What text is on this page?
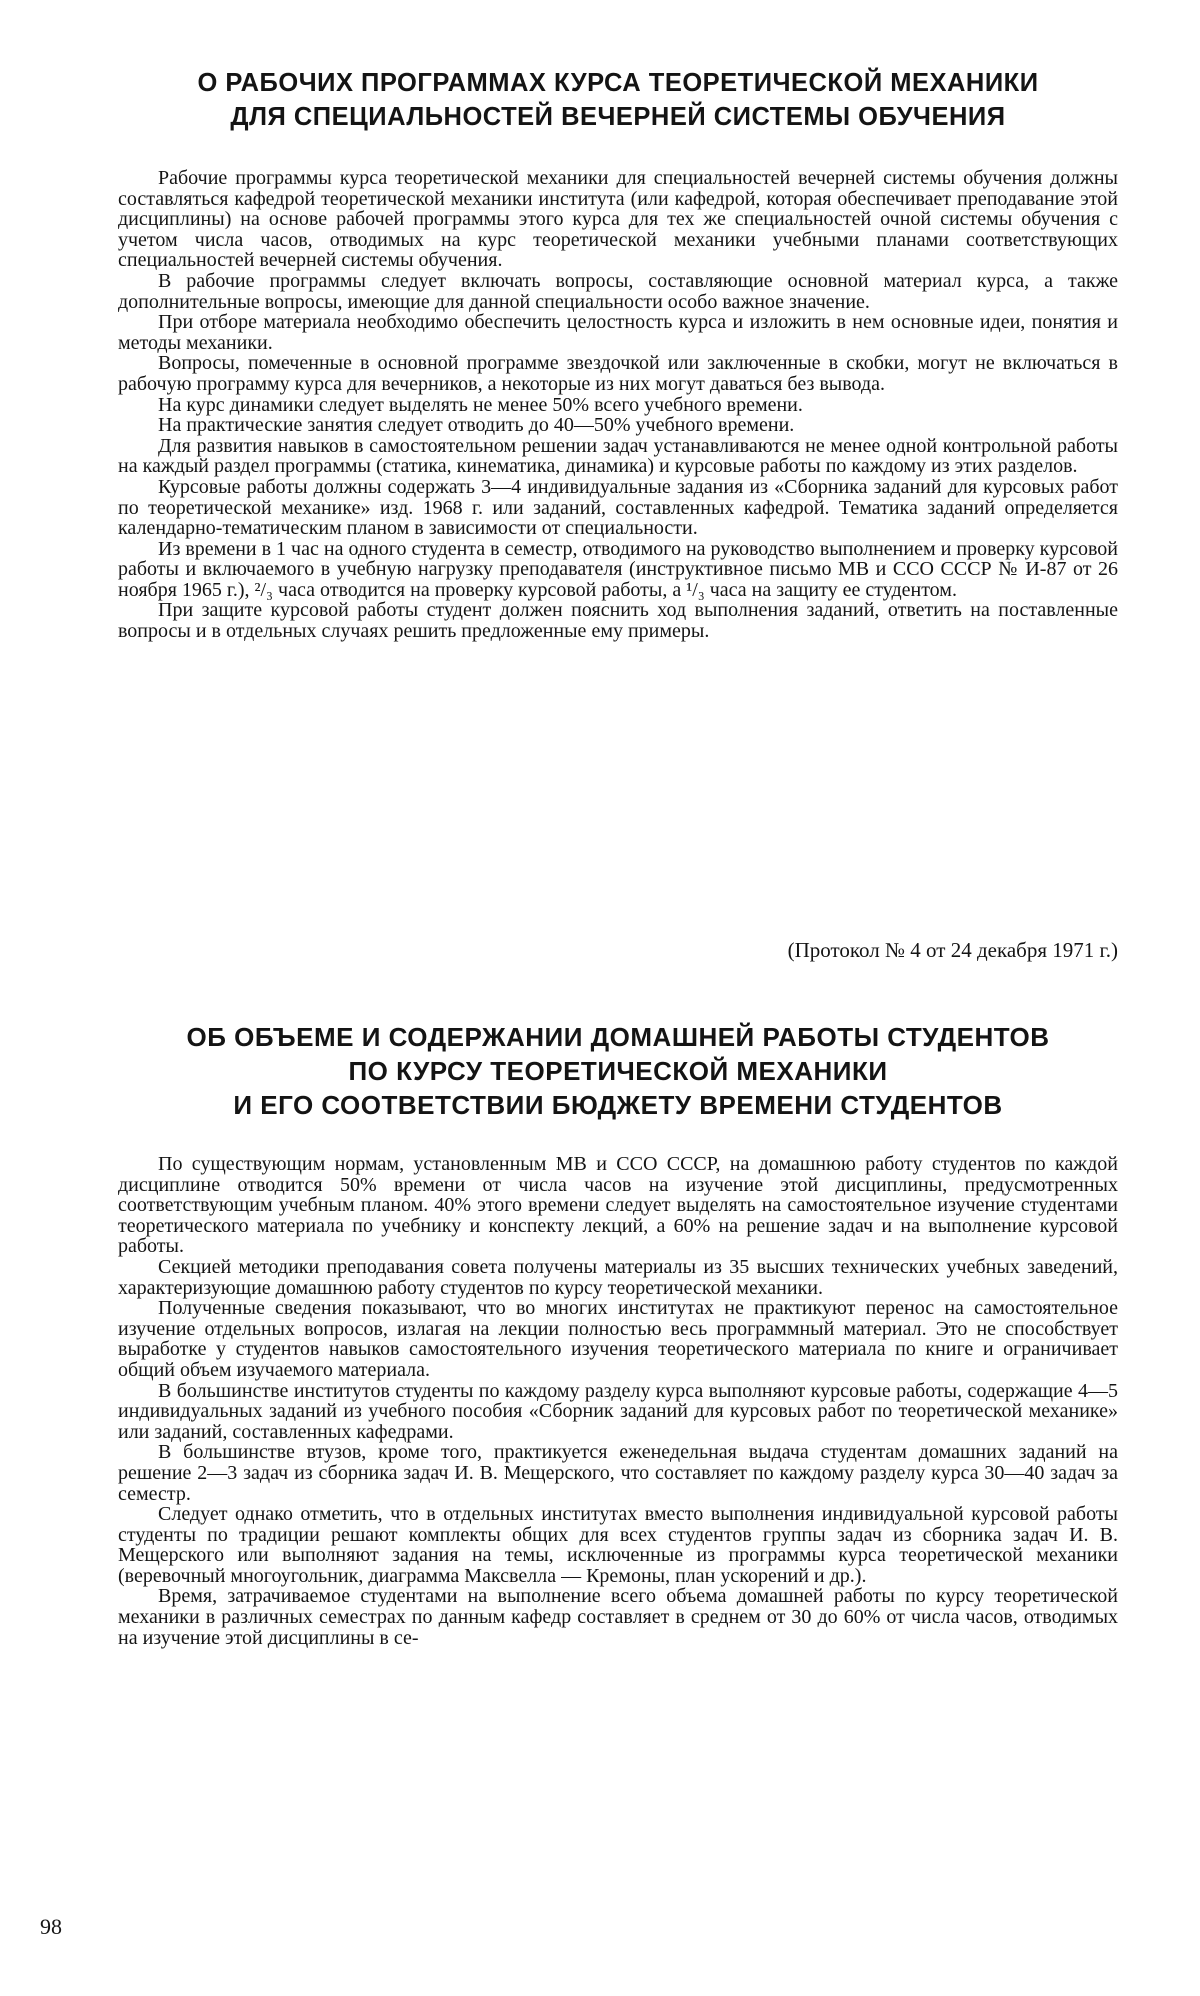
О РАБОЧИХ ПРОГРАММАХ КУРСА ТЕОРЕТИЧЕСКОЙ МЕХАНИКИ
ДЛЯ СПЕЦИАЛЬНОСТЕЙ ВЕЧЕРНЕЙ СИСТЕМЫ ОБУЧЕНИЯ

Рабочие программы курса теоретической механики для специальностей вечерней системы обучения должны составляться кафедрой теоретической механики института (или кафедрой, которая обеспечивает преподавание этой дисциплины) на основе рабочей программы этого курса для тех же специальностей очной системы обучения с учетом числа часов, отводимых на курс теоретической механики учебными планами соответствующих специальностей вечерней системы обучения.

В рабочие программы следует включать вопросы, составляющие основной материал курса, а также дополнительные вопросы, имеющие для данной специальности особо важное значение.

При отборе материала необходимо обеспечить целостность курса и изложить в нем основные идеи, понятия и методы механики.

Вопросы, помеченные в основной программе звездочкой или заключенные в скобки, могут не включаться в рабочую программу курса для вечерников, а некоторые из них могут даваться без вывода.

На курс динамики следует выделять не менее 50% всего учебного времени.

На практические занятия следует отводить до 40—50% учебного времени.

Для развития навыков в самостоятельном решении задач устанавливаются не менее одной контрольной работы на каждый раздел программы (статика, кинематика, динамика) и курсовые работы по каждому из этих разделов.

Курсовые работы должны содержать 3—4 индивидуальные задания из «Сборника заданий для курсовых работ по теоретической механике» изд. 1968 г. или заданий, составленных кафедрой. Тематика заданий определяется календарно-тематическим планом в зависимости от специальности.

Из времени в 1 час на одного студента в семестр, отводимого на руководство выполнением и проверку курсовой работы и включаемого в учебную нагрузку преподавателя (инструктивное письмо МВ и ССО СССР № И-87 от 26 ноября 1965 г.), ²/₃ часа отводится на проверку курсовой работы, а ¹/₃ часа на защиту ее студентом.

При защите курсовой работы студент должен пояснить ход выполнения заданий, ответить на поставленные вопросы и в отдельных случаях решить предложенные ему примеры.

(Протокол № 4 от 24 декабря 1971 г.)
ОБ ОБЪЕМЕ И СОДЕРЖАНИИ ДОМАШНЕЙ РАБОТЫ СТУДЕНТОВ
ПО КУРСУ ТЕОРЕТИЧЕСКОЙ МЕХАНИКИ
И ЕГО СООТВЕТСТВИИ БЮДЖЕТУ ВРЕМЕНИ СТУДЕНТОВ

По существующим нормам, установленным МВ и ССО СССР, на домашнюю работу студентов по каждой дисциплине отводится 50% времени от числа часов на изучение этой дисциплины, предусмотренных соответствующим учебным планом. 40% этого времени следует выделять на самостоятельное изучение студентами теоретического материала по учебнику и конспекту лекций, а 60% на решение задач и на выполнение курсовой работы.

Секцией методики преподавания совета получены материалы из 35 высших технических учебных заведений, характеризующие домашнюю работу студентов по курсу теоретической механики.

Полученные сведения показывают, что во многих институтах не практикуют перенос на самостоятельное изучение отдельных вопросов, излагая на лекции полностью весь программный материал. Это не способствует выработке у студентов навыков самостоятельного изучения теоретического материала по книге и ограничивает общий объем изучаемого материала.

В большинстве институтов студенты по каждому разделу курса выполняют курсовые работы, содержащие 4—5 индивидуальных заданий из учебного пособия «Сборник заданий для курсовых работ по теоретической механике» или заданий, составленных кафедрами.

В большинстве втузов, кроме того, практикуется еженедельная выдача студентам домашних заданий на решение 2—3 задач из сборника задач И. В. Мещерского, что составляет по каждому разделу курса 30—40 задач за семестр.

Следует однако отметить, что в отдельных институтах вместо выполнения индивидуальной курсовой работы студенты по традиции решают комплекты общих для всех студентов группы задач из сборника задач И. В. Мещерского или выполняют задания на темы, исключенные из программы курса теоретической механики (веревочный многоугольник, диаграмма Максвелла — Кремоны, план ускорений и др.).

Время, затрачиваемое студентами на выполнение всего объема домашней работы по курсу теоретической механики в различных семестрах по данным кафедр составляет в среднем от 30 до 60% от числа часов, отводимых на изучение этой дисциплины в се-

98
